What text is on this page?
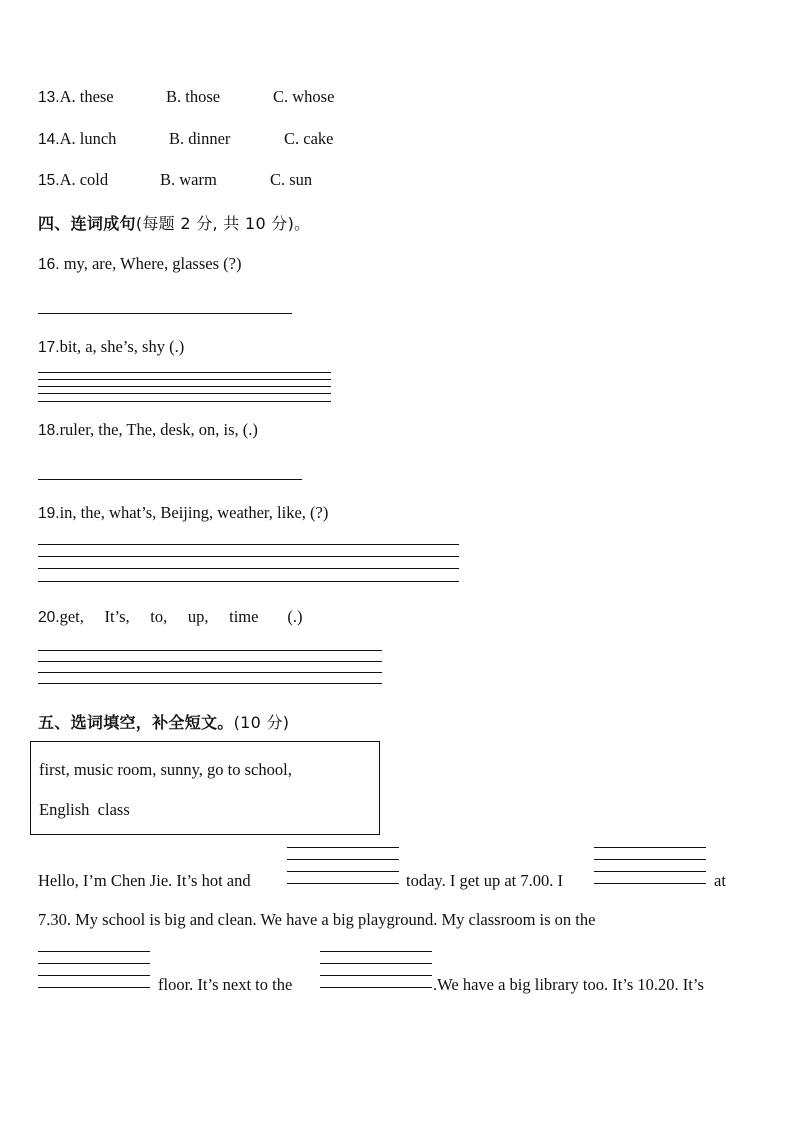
13.A. these	B. those	C. whose
14.A. lunch	B. dinner	C. cake
15.A. cold	B. warm	C. sun
四、连词成句(每题 2 分, 共 10 分)。
16. my, are, Where, glasses (?)
17.bit, a, she’s, shy (.)
18.ruler, the, The, desk, on, is, (.)
19.in, the, what’s, Beijing, weather, like, (?)
20.get,     It’s,     to,     up,     time       (.)
五、选词填空，补全短文。(10 分)
first, music room, sunny, go to school,
English  class
Hello, I’m Chen Jie. It’s hot and	today. I get up at 7.00. I	at
7.30. My school is big and clean. We have a big playground. My classroom is on the
floor. It’s next to the	.We have a big library too. It’s 10.20. It’s
